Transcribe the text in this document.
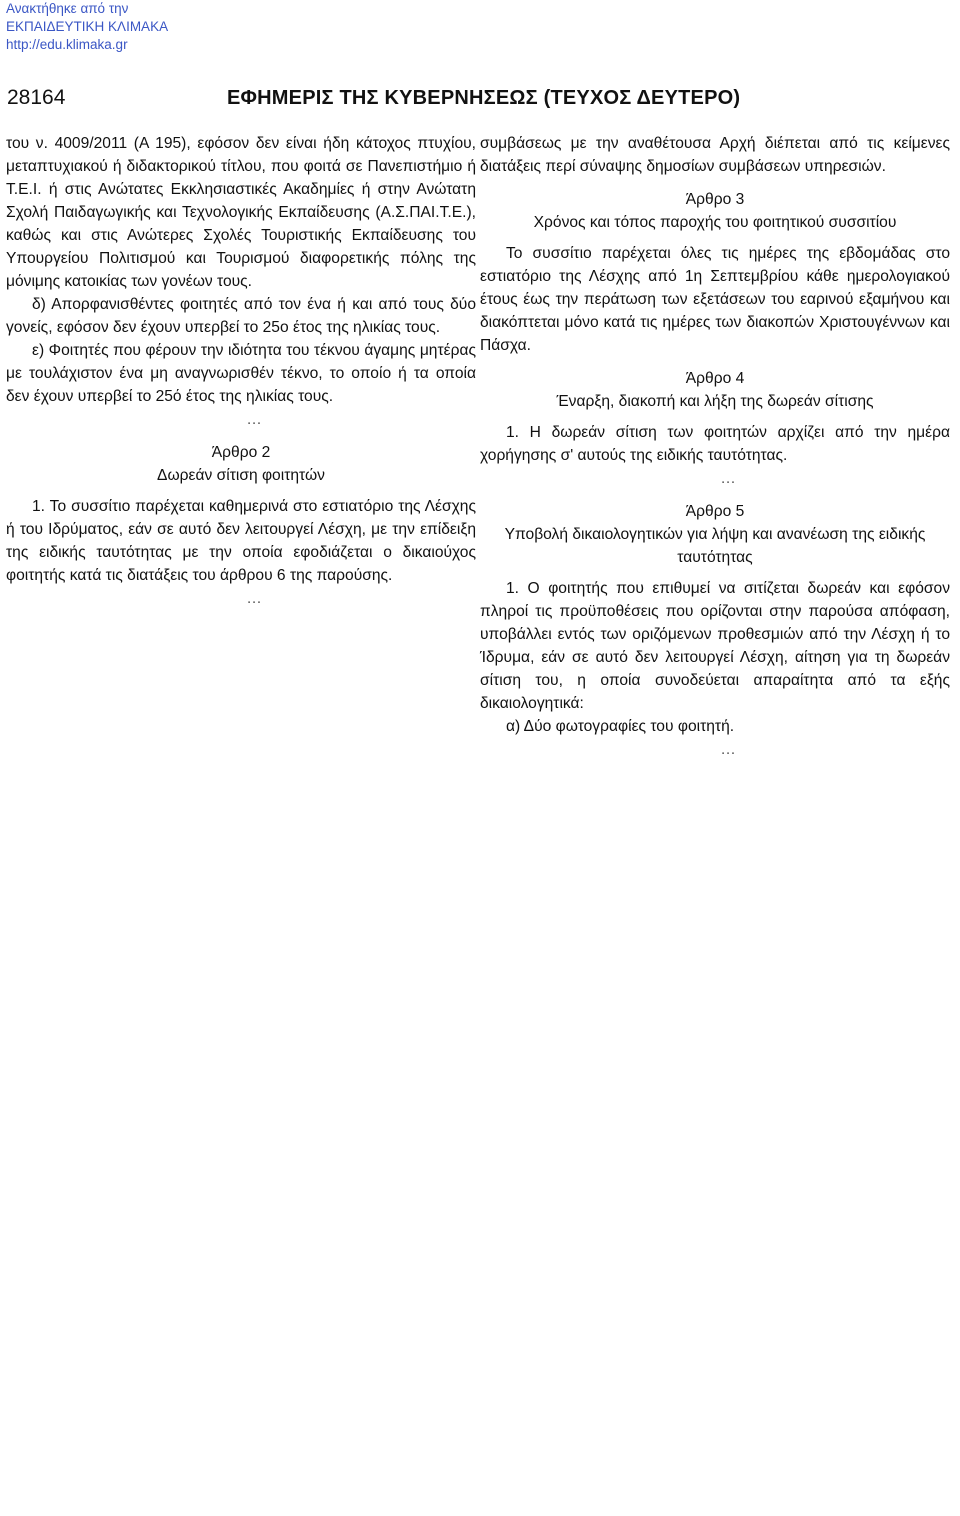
Ανακτήθηκε από την
ΕΚΠΑΙΔΕΥΤΙΚΗ ΚΛΙΜΑΚΑ
http://edu.klimaka.gr
28164	ΕΦΗΜΕΡΙΣ ΤΗΣ ΚΥΒΕΡΝΗΣΕΩΣ (ΤΕΥΧΟΣ ΔΕΥΤΕΡΟ)

του ν. 4009/2011 (Α 195), εφόσον δεν είναι ήδη κάτοχος πτυχίου, μεταπτυχιακού ή διδακτορικού τίτλου, που φοιτά σε Πανεπιστήμιο ή Τ.Ε.Ι. ή στις Ανώτατες Εκκλησιαστικές Ακαδημίες ή στην Ανώτατη Σχολή Παιδαγωγικής και Τεχνολογικής Εκπαίδευσης (Α.Σ.ΠΑΙ.Τ.Ε.), καθώς και στις Ανώτερες Σχολές Τουριστικής Εκπαίδευσης του Υπουργείου Πολιτισμού και Τουρισμού διαφορετικής πόλης της μόνιμης κατοικίας των γονέων τους.

δ) Απορφανισθέντες φοιτητές από τον ένα ή και από τους δύο γονείς, εφόσον δεν έχουν υπερβεί το 25ο έτος της ηλικίας τους.

ε) Φοιτητές που φέρουν την ιδιότητα του τέκνου άγαμης μητέρας με τουλάχιστον ένα μη αναγνωρισθέν τέκνο, το οποίο ή τα οποία δεν έχουν υπερβεί το 25ό έτος της ηλικίας τους.

…

Άρθρο 2
Δωρεάν σίτιση φοιτητών

1. Το συσσίτιο παρέχεται καθημερινά στο εστιατόριο της Λέσχης ή του Ιδρύματος, εάν σε αυτό δεν λειτουργεί Λέσχη, με την επίδειξη της ειδικής ταυτότητας με την οποία εφοδιάζεται ο δικαιούχος φοιτητής κατά τις διατάξεις του άρθρου 6 της παρούσης.

…

συμβάσεως με την αναθέτουσα Αρχή διέπεται από τις κείμενες διατάξεις περί σύναψης δημοσίων συμβάσεων υπηρεσιών.

Άρθρο 3
Χρόνος και τόπος παροχής του φοιτητικού συσσιτίου

Το συσσίτιο παρέχεται όλες τις ημέρες της εβδομάδας στο εστιατόριο της Λέσχης από 1η Σεπτεμβρίου κάθε ημερολογιακού έτους έως την περάτωση των εξετάσεων του εαρινού εξαμήνου και διακόπτεται μόνο κατά τις ημέρες των διακοπών Χριστουγέννων και Πάσχα.

Άρθρο 4
Έναρξη, διακοπή και λήξη της δωρεάν σίτισης

1. Η δωρεάν σίτιση των φοιτητών αρχίζει από την ημέρα χορήγησης σ' αυτούς της ειδικής ταυτότητας.

…

Άρθρο 5
Υποβολή δικαιολογητικών για λήψη και ανανέωση της ειδικής ταυτότητας

1. Ο φοιτητής που επιθυμεί να σιτίζεται δωρεάν και εφόσον πληροί τις προϋποθέσεις που ορίζονται στην παρούσα απόφαση, υποβάλλει εντός των οριζόμενων προθεσμιών από την Λέσχη ή το Ίδρυμα, εάν σε αυτό δεν λειτουργεί Λέσχη, αίτηση για τη δωρεάν σίτιση του, η οποία συνοδεύεται απαραίτητα από τα εξής δικαιολογητικά:

α) Δύο φωτογραφίες του φοιτητή.

…
